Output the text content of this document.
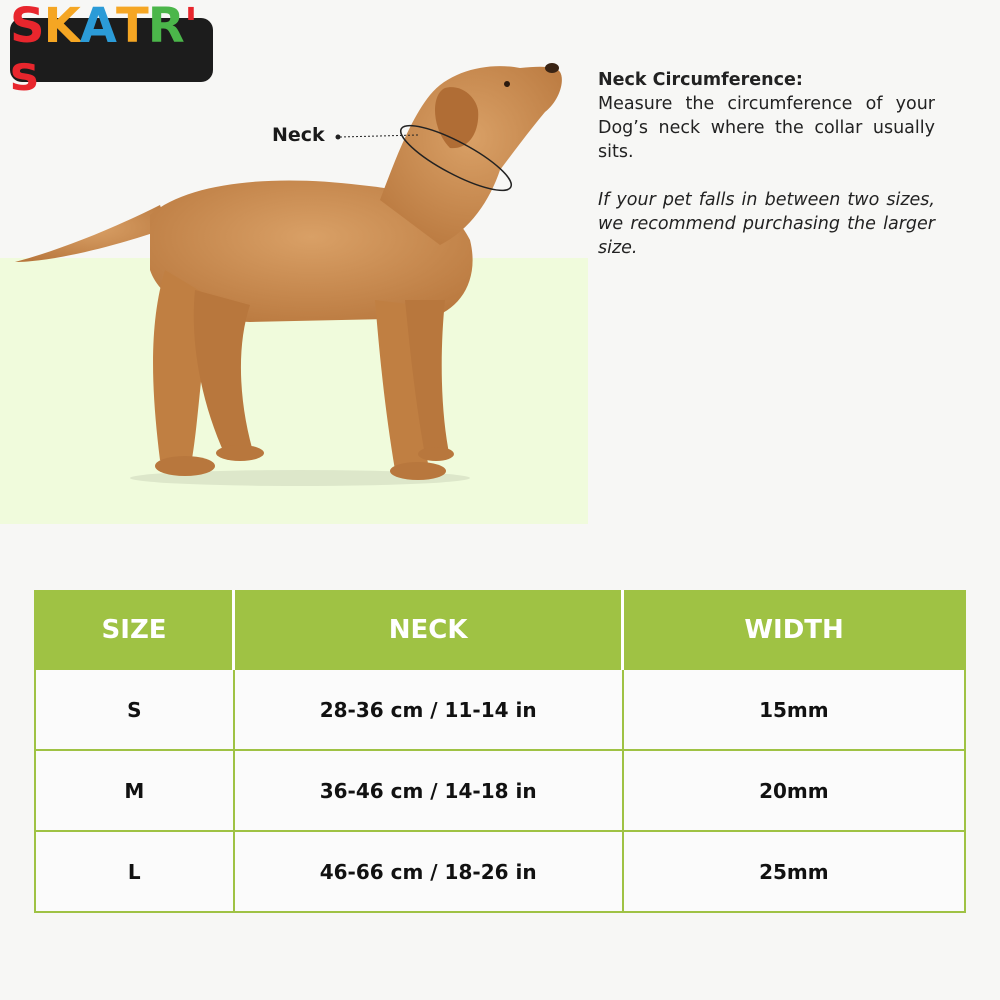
SKATR's
Neck
Neck Circumference:
Measure the circumference of your Dog’s neck where the collar usually sits.
If your pet falls in between two sizes, we recommend purchasing the larger size.
SIZE	NECK	WIDTH
S	28-36 cm / 11-14 in	15mm
M	36-46 cm / 14-18 in	20mm
L	46-66 cm / 18-26 in	25mm
